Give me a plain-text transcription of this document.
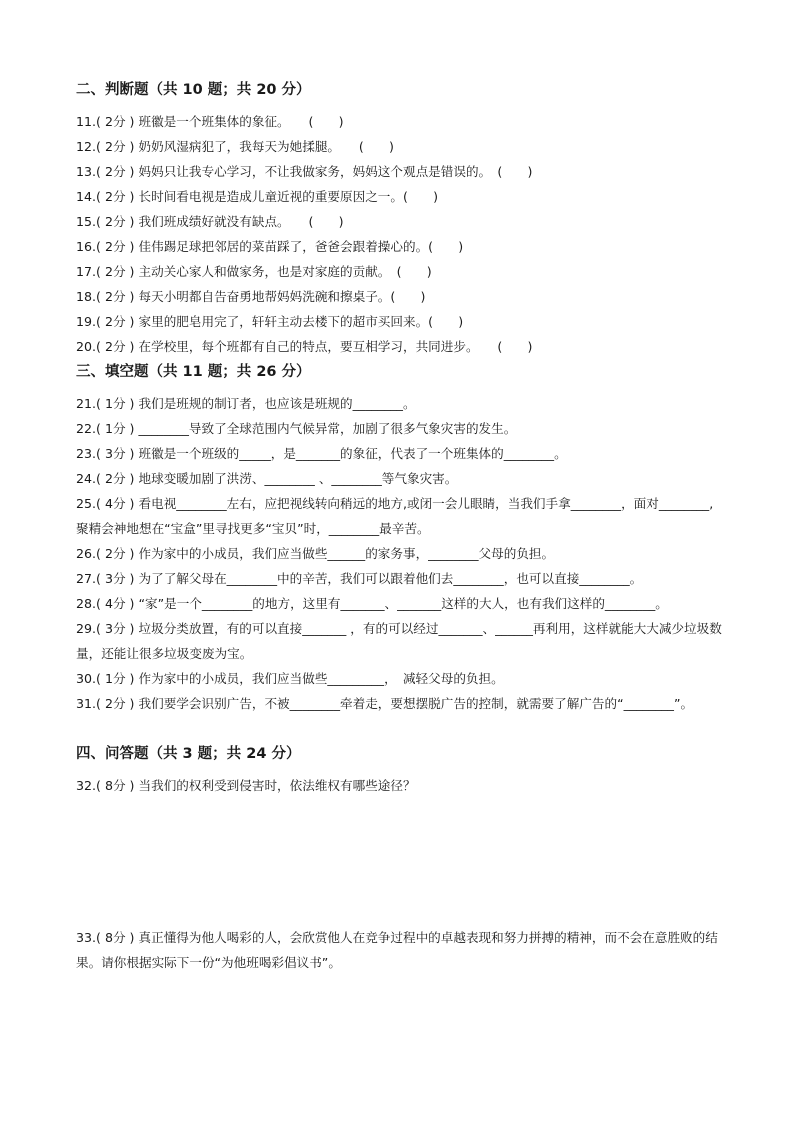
二、判断题（共 10 题；共 20 分）
11.( 2分 ) 班徽是一个班集体的象征。　　(　　)
12.( 2分 ) 奶奶风湿病犯了，我每天为她揉腿。　　(　　)
13.( 2分 ) 妈妈只让我专心学习，不让我做家务，妈妈这个观点是错误的。　(　　)
14.( 2分 ) 长时间看电视是造成儿童近视的重要原因之一。(　　)
15.( 2分 ) 我们班成绩好就没有缺点。　　(　　)
16.( 2分 ) 佳伟踢足球把邻居的菜苗踩了，爸爸会跟着操心的。(　　)
17.( 2分 ) 主动关心家人和做家务，也是对家庭的贡献。　(　　)
18.( 2分 ) 每天小明都自告奋勇地帮妈妈洗碗和擦桌子。(　　)
19.( 2分 ) 家里的肥皂用完了，轩轩主动去楼下的超市买回来。(　　)
20.( 2分 ) 在学校里，每个班都有自己的特点，要互相学习，共同进步。　　(　　)
三、填空题（共 11 题；共 26 分）
21.( 1分 ) 我们是班规的制订者，也应该是班规的________。
22.( 1分 ) ________导致了全球范围内气候异常，加剧了很多气象灾害的发生。
23.( 3分 ) 班徽是一个班级的_____，是_______的象征，代表了一个班集体的________。
24.( 2分 ) 地球变暖加剧了洪涝、________ 、________等气象灾害。
25.( 4分 ) 看电视________左右，应把视线转向稍远的地方,或闭一会儿眼睛，当我们手拿________，面对________,聚精会神地想在“宝盒”里寻找更多“宝贝”时，________最辛苦。
26.( 2分 ) 作为家中的小成员，我们应当做些______的家务事，________父母的负担。
27.( 3分 ) 为了了解父母在________中的辛苦，我们可以跟着他们去________，也可以直接________。
28.( 4分 ) “家”是一个________的地方，这里有_______、_______这样的大人，也有我们这样的________。
29.( 3分 ) 垃圾分类放置，有的可以直接_______ ，有的可以经过_______、______再利用，这样就能大大减少垃圾数量，还能让很多垃圾变废为宝。
30.( 1分 ) 作为家中的小成员，我们应当做些_________，　减轻父母的负担。
31.( 2分 ) 我们要学会识别广告，不被________牵着走，要想摆脱广告的控制，就需要了解广告的“________”。
四、问答题（共 3 题；共 24 分）
32.( 8分 ) 当我们的权利受到侵害时，依法维权有哪些途径？
33.( 8分 ) 真正懂得为他人喝彩的人，会欣赏他人在竞争过程中的卓越表现和努力拼搏的精神，而不会在意胜败的结果。请你根据实际下一份“为他班喝彩倡议书”。
